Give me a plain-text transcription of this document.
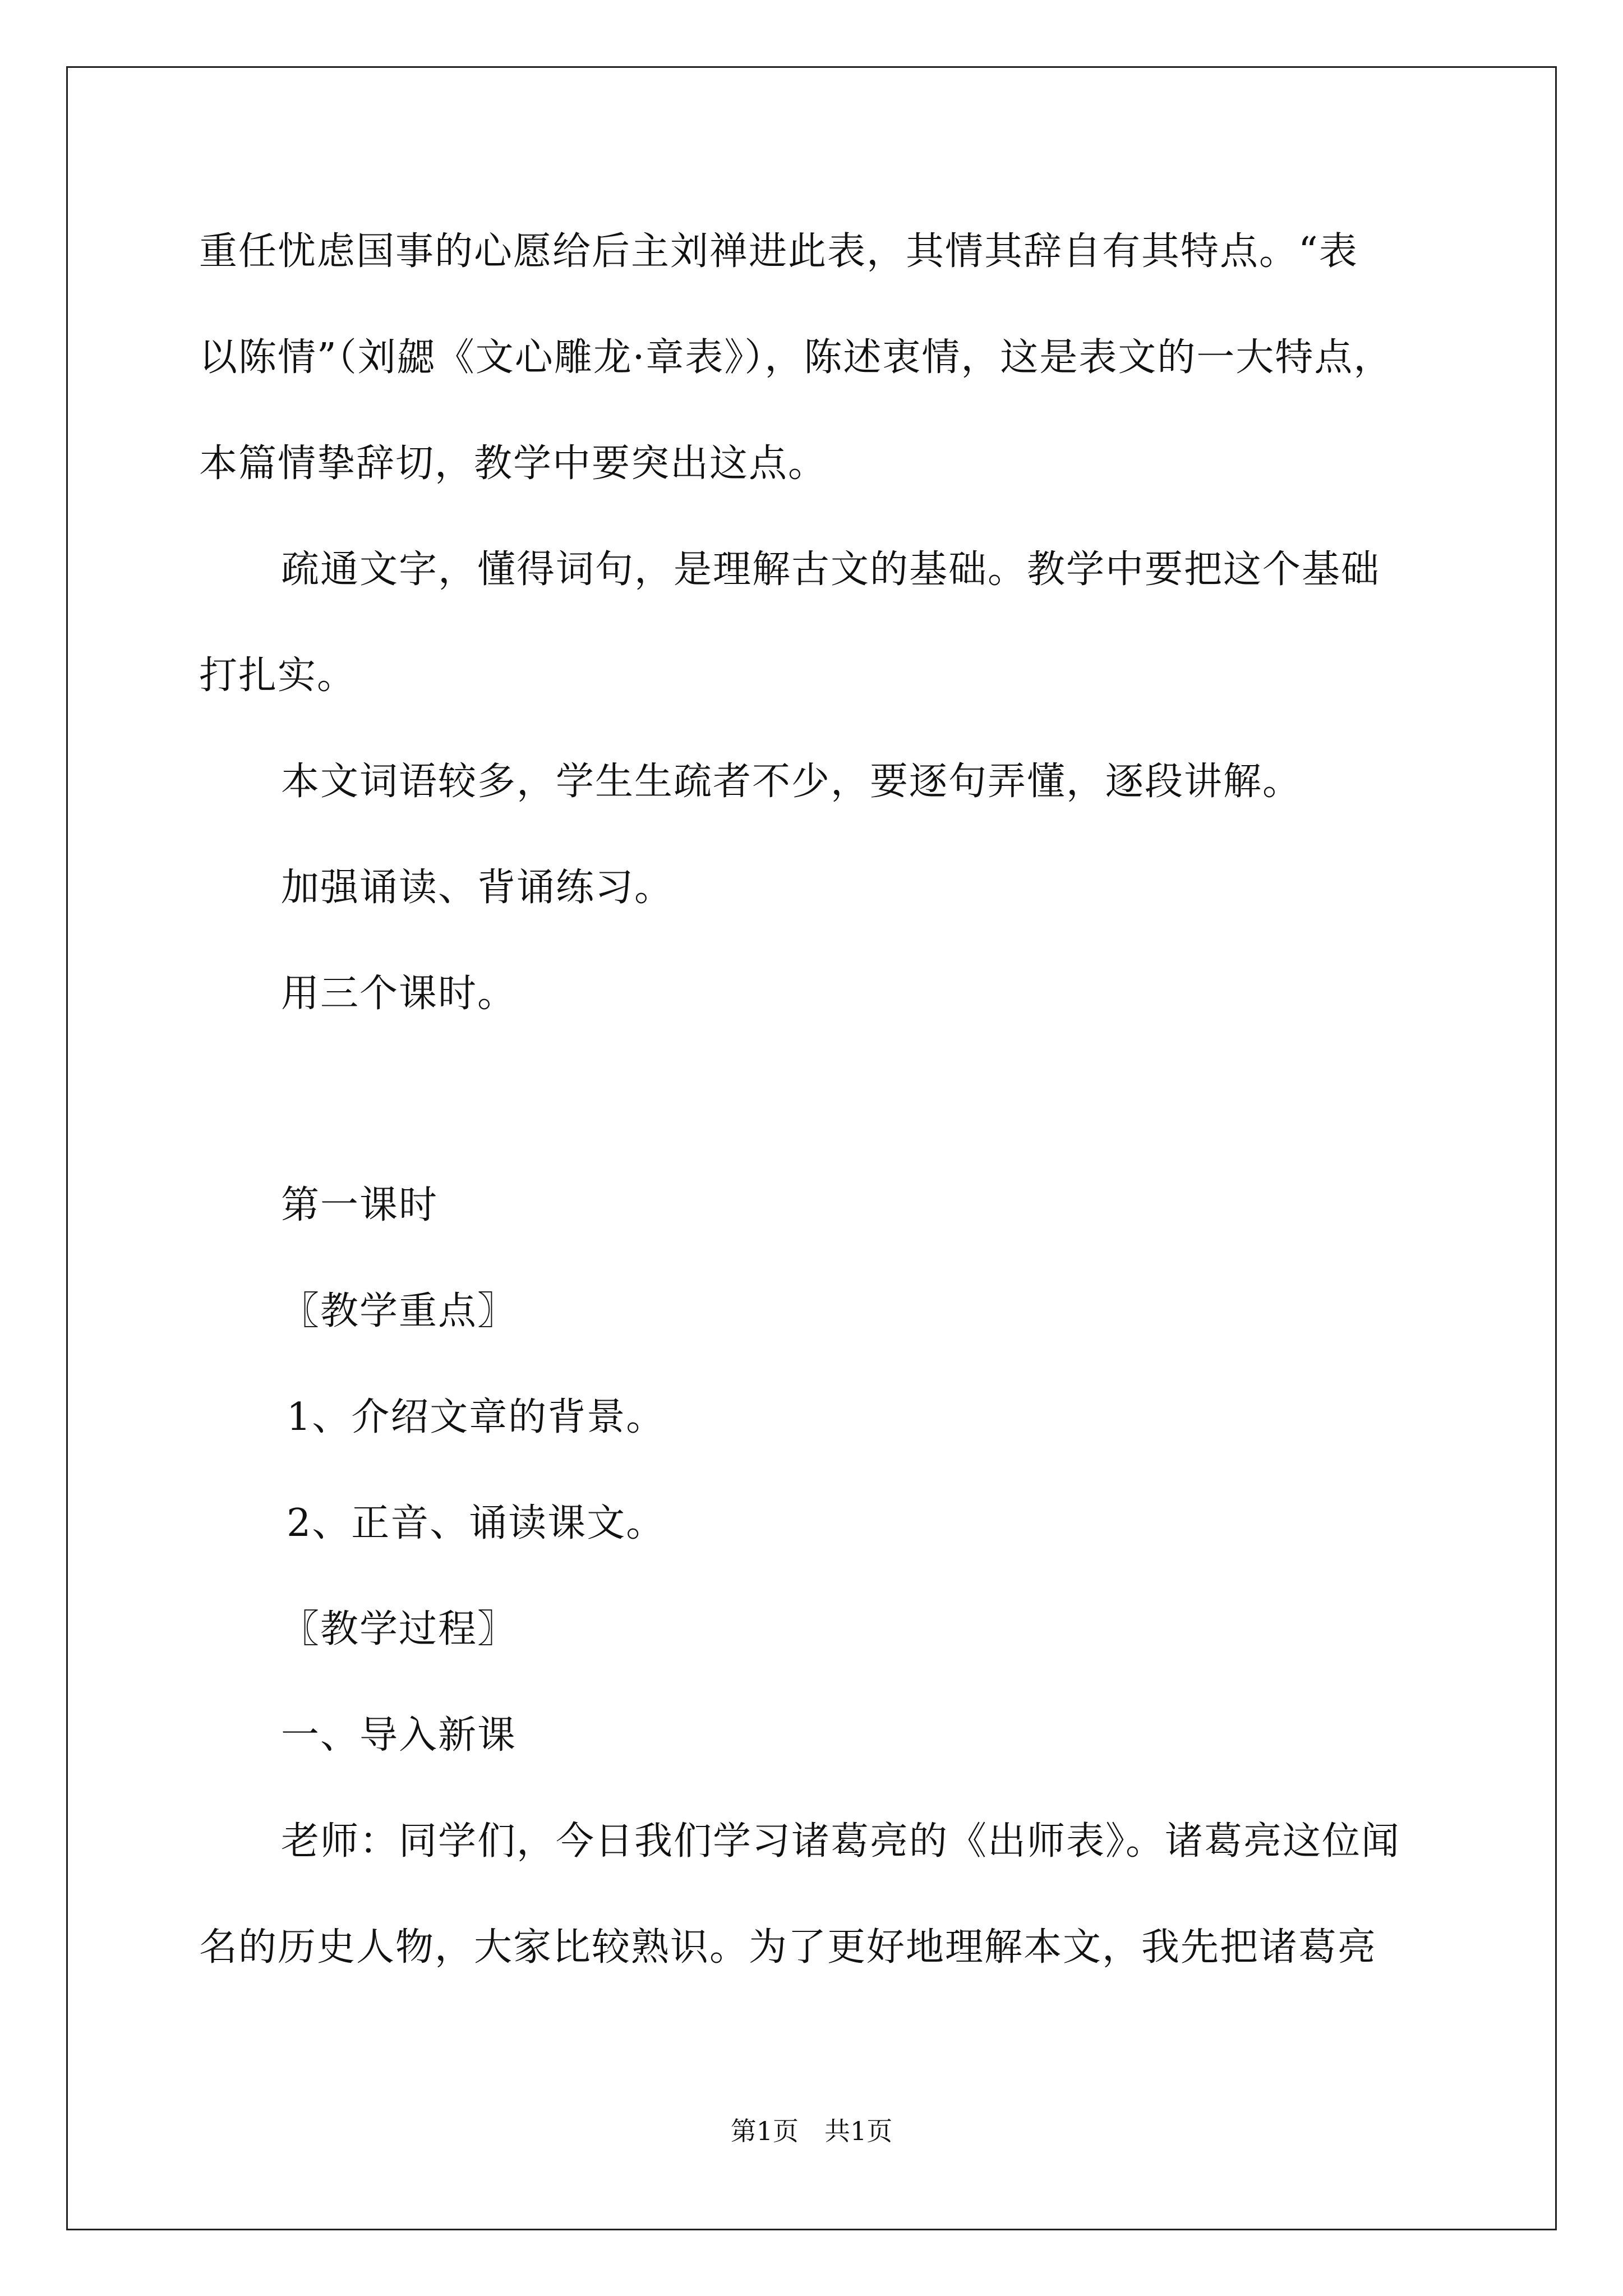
重任忧虑国事的心愿给后主刘禅进此表，其情其辞自有其特点。“表
以陈情”（刘勰《文心雕龙·章表》），陈述衷情，这是表文的一大特点，
本篇情挚辞切，教学中要突出这点。
疏通文字，懂得词句，是理解古文的基础。教学中要把这个基础
打扎实。
本文词语较多，学生生疏者不少，要逐句弄懂，逐段讲解。
加强诵读、背诵练习。
用三个课时。
第一课时
〖教学重点〗
1、介绍文章的背景。
2、正音、诵读课文。
〖教学过程〗
一、导入新课
老师：同学们，今日我们学习诸葛亮的《出师表》。诸葛亮这位闻
名的历史人物，大家比较熟识。为了更好地理解本文，我先把诸葛亮
第1页　共1页
